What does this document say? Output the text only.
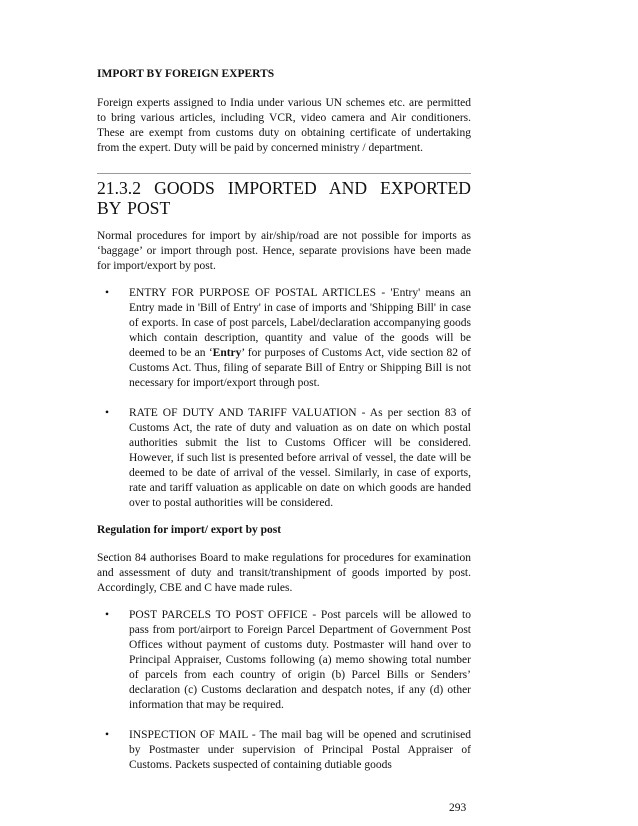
IMPORT BY FOREIGN EXPERTS

Foreign experts assigned to India under various UN schemes etc. are permitted to bring various articles, including VCR, video camera and Air conditioners. These are exempt from customs duty on obtaining certificate of undertaking from the expert. Duty will be paid by concerned ministry / department.

21.3.2 GOODS IMPORTED AND EXPORTED BY POST

Normal procedures for import by air/ship/road are not possible for imports as ‘baggage’ or import through post. Hence, separate provisions have been made for import/export by post.

•	ENTRY FOR PURPOSE OF POSTAL ARTICLES - 'Entry' means an Entry made in 'Bill of Entry' in case of imports and 'Shipping Bill' in case of exports. In case of post parcels, Label/declaration accompanying goods which contain description, quantity and value of the goods will be deemed to be an ‘Entry’ for purposes of Customs Act, vide section 82 of Customs Act. Thus, filing of separate Bill of Entry or Shipping Bill is not necessary for import/export through post.
•	RATE OF DUTY AND TARIFF VALUATION - As per section 83 of Customs Act, the rate of duty and valuation as on date on which postal authorities submit the list to Customs Officer will be considered. However, if such list is presented before arrival of vessel, the date will be deemed to be date of arrival of the vessel. Similarly, in case of exports, rate and tariff valuation as applicable on date on which goods are handed over to postal authorities will be considered.
Regulation for import/ export by post

Section 84 authorises Board to make regulations for procedures for examination and assessment of duty and transit/transhipment of goods imported by post. Accordingly, CBE and C have made rules.

•	POST PARCELS TO POST OFFICE - Post parcels will be allowed to pass from port/airport to Foreign Parcel Department of Government Post Offices without payment of customs duty. Postmaster will hand over to Principal Appraiser, Customs following (a) memo showing total number of parcels from each country of origin (b) Parcel Bills or Senders’ declaration (c) Customs declaration and despatch notes, if any (d) other information that may be required.
•	INSPECTION OF MAIL - The mail bag will be opened and scrutinised by Postmaster under supervision of Principal Postal Appraiser of Customs. Packets suspected of containing dutiable goods
293
